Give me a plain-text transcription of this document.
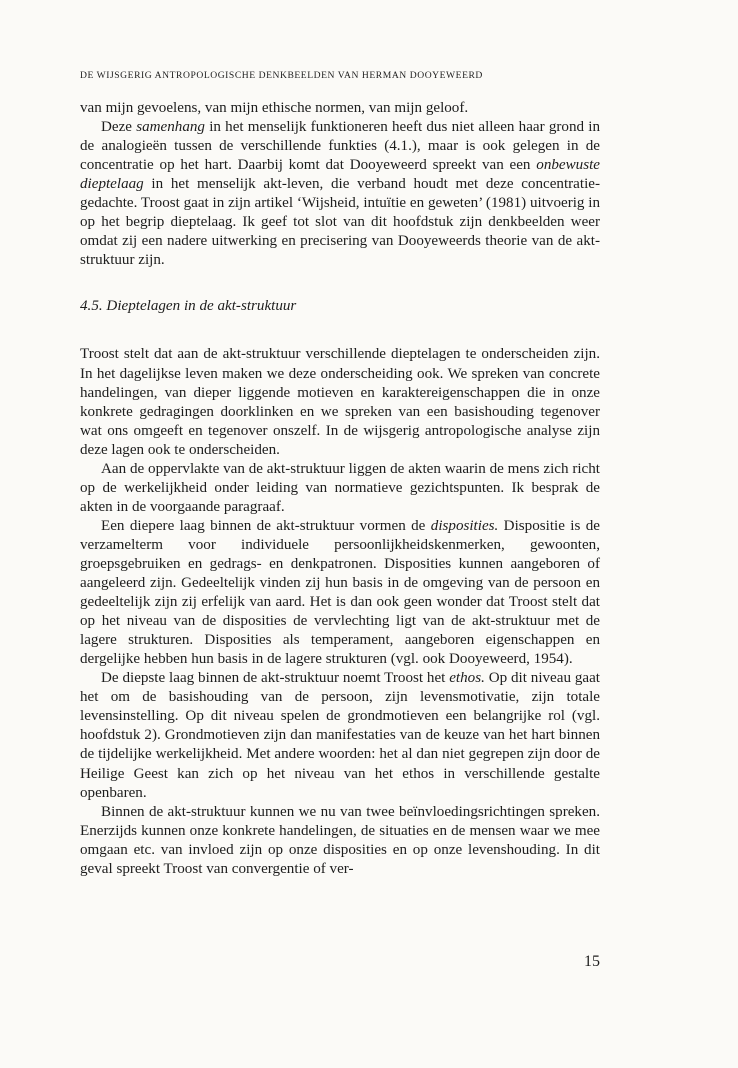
DE WIJSGERIG ANTROPOLOGISCHE DENKBEELDEN VAN HERMAN DOOYEWEERD

van mijn gevoelens, van mijn ethische normen, van mijn geloof.

Deze samenhang in het menselijk funktioneren heeft dus niet alleen haar grond in de analogieën tussen de verschillende funkties (4.1.), maar is ook gelegen in de concentratie op het hart. Daarbij komt dat Dooyeweerd spreekt van een onbewuste dieptelaag in het menselijk akt-leven, die verband houdt met deze concentratie-gedachte. Troost gaat in zijn artikel ‘Wijsheid, intuïtie en geweten’ (1981) uitvoerig in op het begrip dieptelaag. Ik geef tot slot van dit hoofdstuk zijn denkbeelden weer omdat zij een nadere uitwerking en precisering van Dooyeweerds theorie van de akt-struktuur zijn.

4.5. Dieptelagen in de akt-struktuur

Troost stelt dat aan de akt-struktuur verschillende dieptelagen te onderscheiden zijn. In het dagelijkse leven maken we deze onderscheiding ook. We spreken van concrete handelingen, van dieper liggende motieven en karaktereigenschappen die in onze konkrete gedragingen doorklinken en we spreken van een basishouding tegenover wat ons omgeeft en tegenover onszelf. In de wijsgerig antropologische analyse zijn deze lagen ook te onderscheiden.

Aan de oppervlakte van de akt-struktuur liggen de akten waarin de mens zich richt op de werkelijkheid onder leiding van normatieve gezichtspunten. Ik besprak de akten in de voorgaande paragraaf.

Een diepere laag binnen de akt-struktuur vormen de disposities. Dispositie is de verzamelterm voor individuele persoonlijkheidskenmerken, gewoonten, groepsgebruiken en gedrags- en denkpatronen. Disposities kunnen aangeboren of aangeleerd zijn. Gedeeltelijk vinden zij hun basis in de omgeving van de persoon en gedeeltelijk zijn zij erfelijk van aard. Het is dan ook geen wonder dat Troost stelt dat op het niveau van de disposities de vervlechting ligt van de akt-struktuur met de lagere strukturen. Disposities als temperament, aangeboren eigenschappen en dergelijke hebben hun basis in de lagere strukturen (vgl. ook Dooyeweerd, 1954).

De diepste laag binnen de akt-struktuur noemt Troost het ethos. Op dit niveau gaat het om de basishouding van de persoon, zijn levensmotivatie, zijn totale levensinstelling. Op dit niveau spelen de grondmotieven een belangrijke rol (vgl. hoofdstuk 2). Grondmotieven zijn dan manifestaties van de keuze van het hart binnen de tijdelijke werkelijkheid. Met andere woorden: het al dan niet gegrepen zijn door de Heilige Geest kan zich op het niveau van het ethos in verschillende gestalte openbaren.

Binnen de akt-struktuur kunnen we nu van twee beïnvloedingsrichtingen spreken. Enerzijds kunnen onze konkrete handelingen, de situaties en de mensen waar we mee omgaan etc. van invloed zijn op onze disposities en op onze levenshouding. In dit geval spreekt Troost van convergentie of ver-

15
